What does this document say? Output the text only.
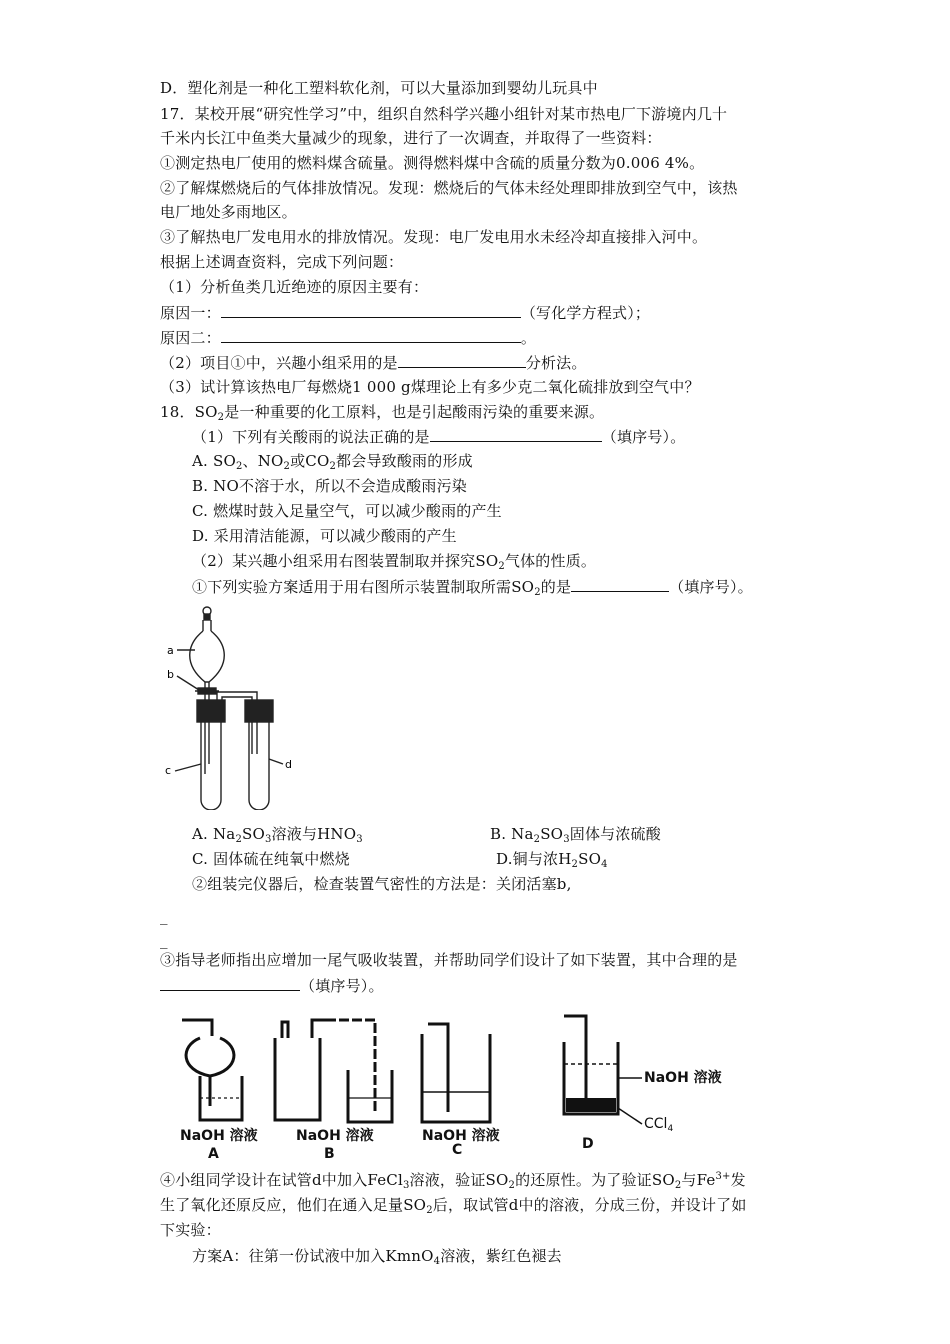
D．塑化剂是一种化工塑料软化剂，可以大量添加到婴幼儿玩具中
17．某校开展“研究性学习”中，组织自然科学兴趣小组针对某市热电厂下游境内几十
千米内长江中鱼类大量减少的现象，进行了一次调查，并取得了一些资料：
①测定热电厂使用的燃料煤含硫量。测得燃料煤中含硫的质量分数为0.006 4%。
②了解煤燃烧后的气体排放情况。发现：燃烧后的气体未经处理即排放到空气中，该热
电厂地处多雨地区。
③了解热电厂发电用水的排放情况。发现：电厂发电用水未经冷却直接排入河中。
根据上述调查资料，完成下列问题：
（1）分析鱼类几近绝迹的原因主要有：
原因一：	（写化学方程式）；
原因二：	。
（2）项目①中，兴趣小组采用的是	分析法。
（3）试计算该热电厂每燃烧1 000 g煤理论上有多少克二氧化硫排放到空气中？
18．$SO_2$是一种重要的化工原料，也是引起酸雨污染的重要来源。
（1）下列有关酸雨的说法正确的是	（填序号）。
A. $SO_2$、$NO_2$或$CO_2$都会导致酸雨的形成
B. NO不溶于水，所以不会造成酸雨污染
C. 燃煤时鼓入足量空气，可以减少酸雨的产生
D. 采用清洁能源，可以减少酸雨的产生
（2）某兴趣小组采用右图装置制取并探究$SO_2$气体的性质。
①下列实验方案适用于用右图所示装置制取所需$SO_2$的是	（填序号）。
a
b
c	d
A. $Na_2SO_3$溶液与$HNO_3$	B. $Na_2SO_3$固体与浓硫酸
C. 固体硫在纯氧中燃烧	D.铜与浓$H_2SO_4$
②组装完仪器后，检查装置气密性的方法是：关闭活塞b,
_
_
③指导老师指出应增加一尾气吸收装置，并帮助同学们设计了如下装置，其中合理的是
（填序号）。
NaOH 溶液
A
NaOH 溶液
B
NaOH 溶液
C
NaOH 溶液
CCl$_4$
D
④小组同学设计在试管d中加入FeCl$_3$溶液，验证$SO_2$的还原性。为了验证$SO_2$与$Fe^{3+}$发
生了氧化还原反应，他们在通入足量$SO_2$后，取试管d中的溶液，分成三份，并设计了如
下实验：
方案A：往第一份试液中加入KmnO$_4$溶液，紫红色褪去
